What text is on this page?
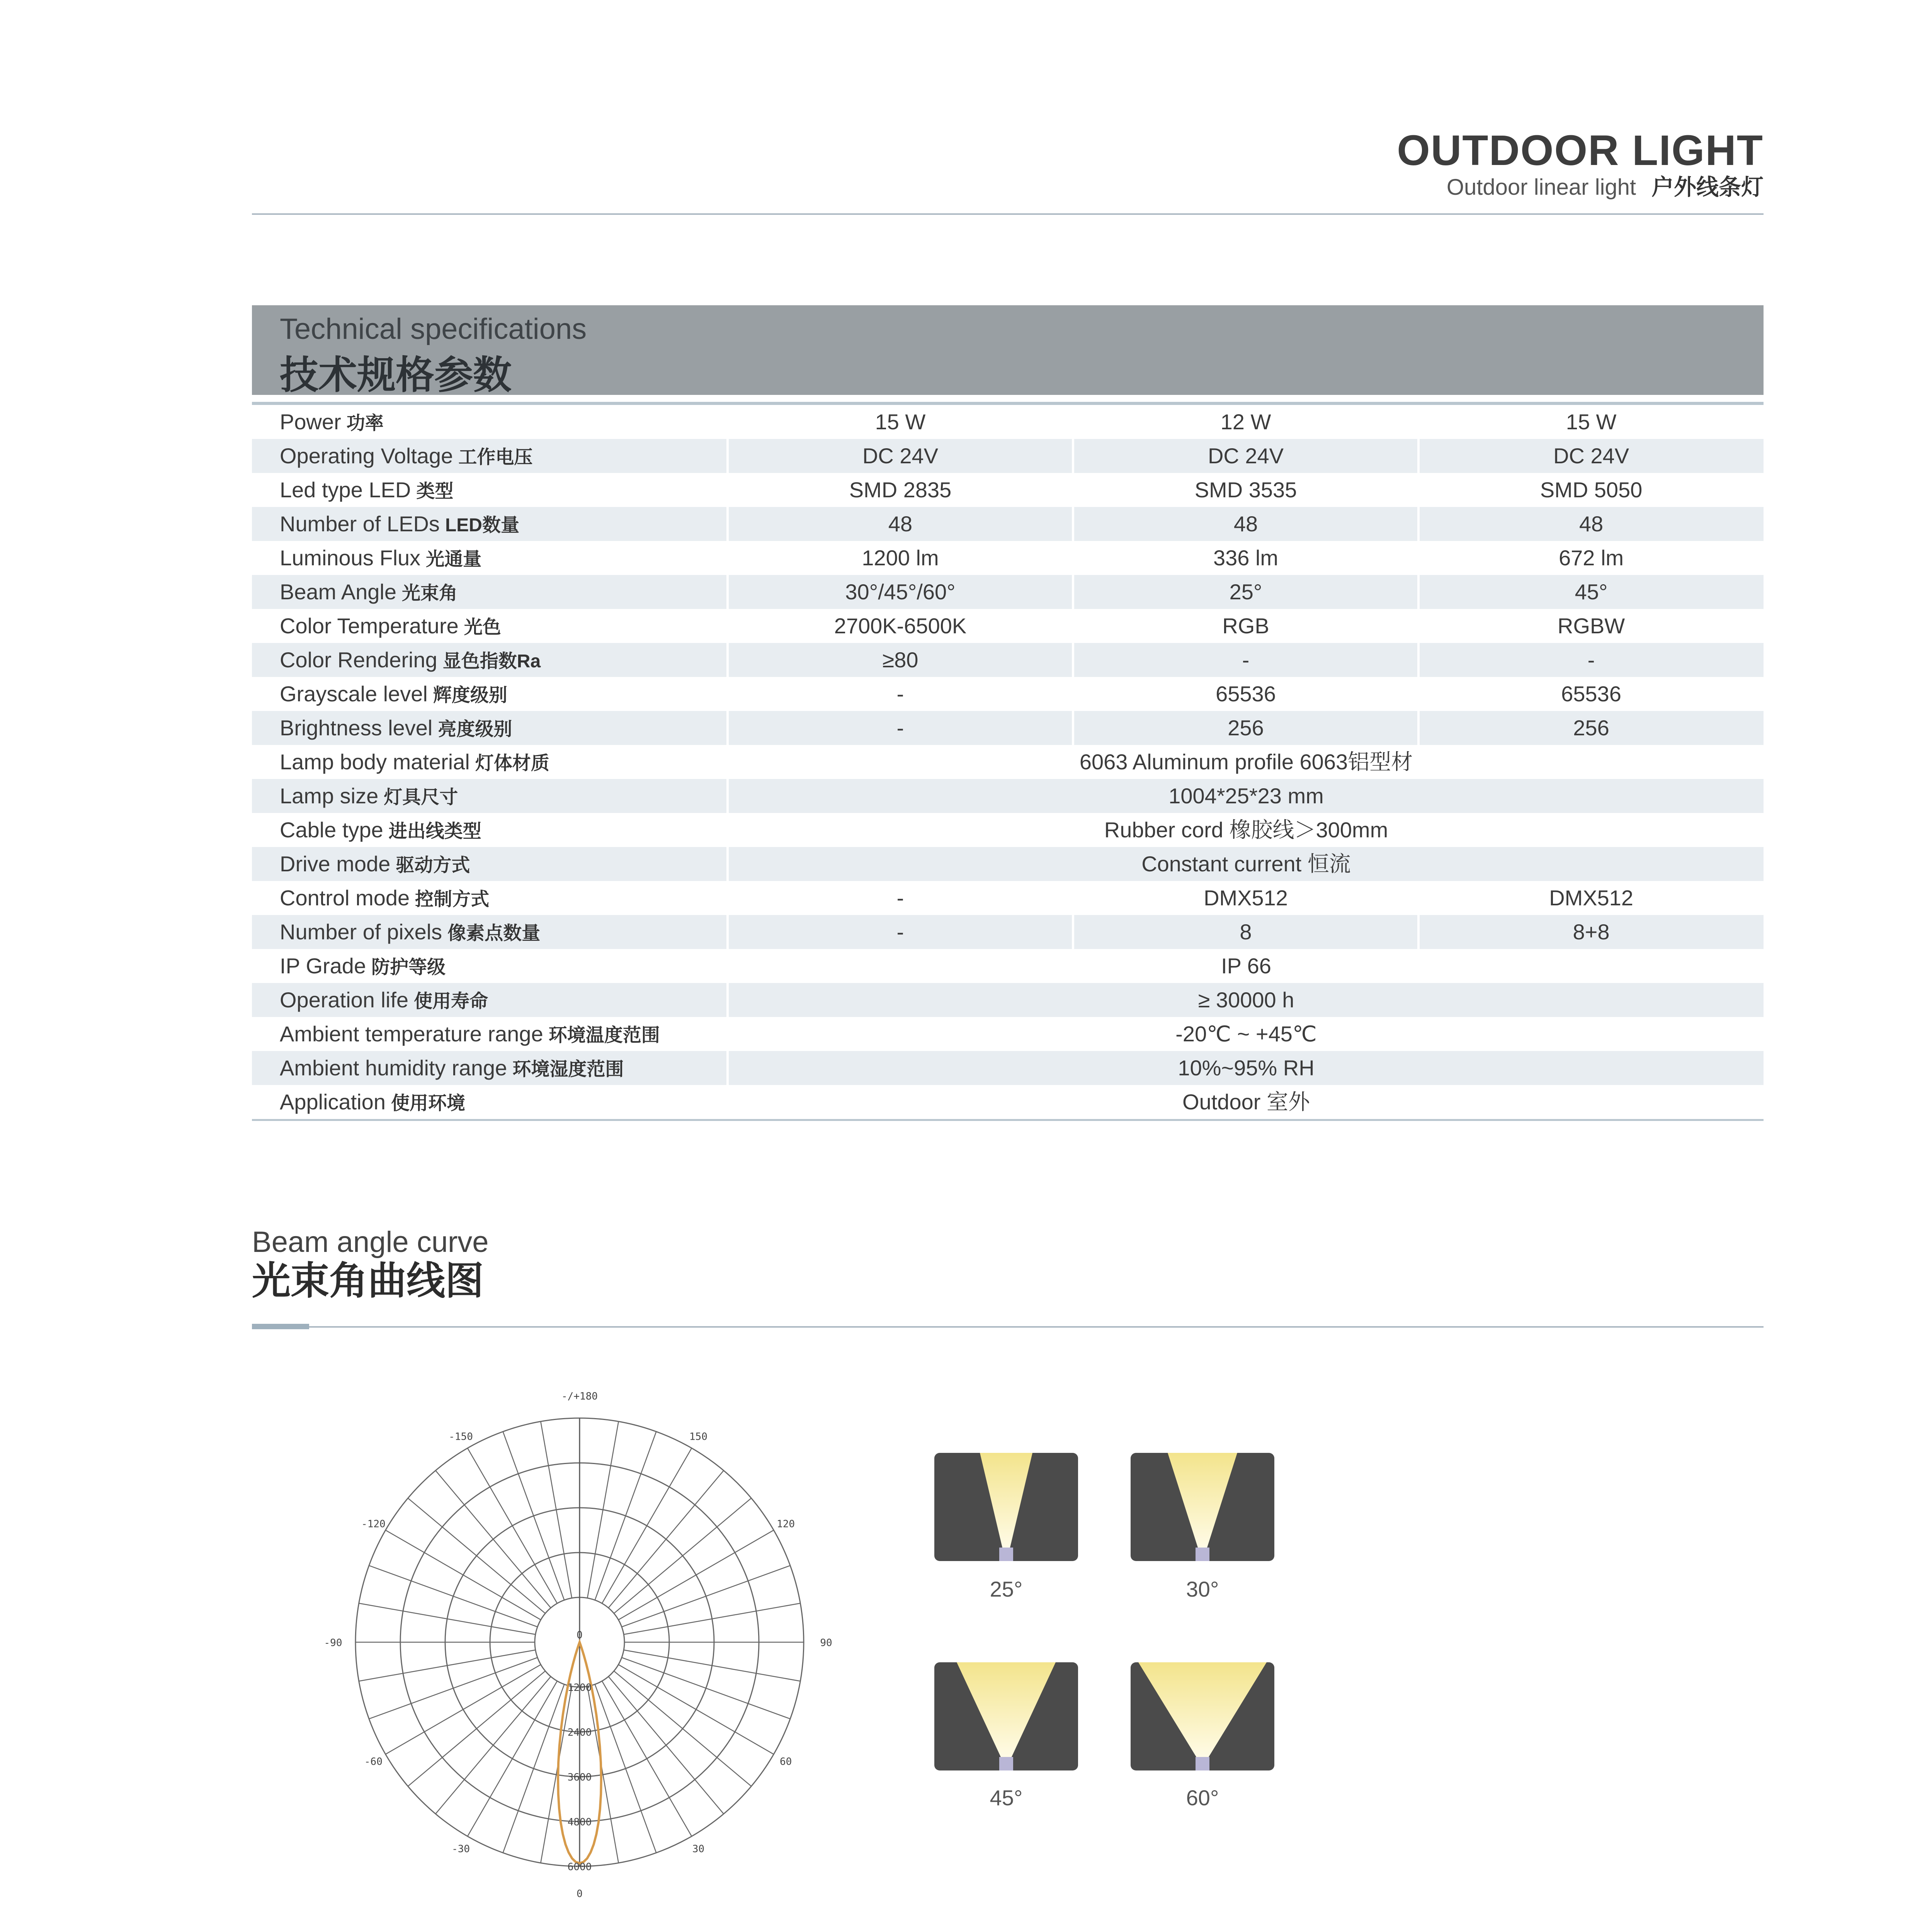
OUTDOOR LIGHT
Outdoor linear light 户外线条灯
Technical specifications
技术规格参数
Power 功率	15 W	12 W	15 W
Operating Voltage 工作电压	DC 24V	DC 24V	DC 24V
Led type LED 类型	SMD 2835	SMD 3535	SMD 5050
Number of LEDs LED数量	48	48	48
Luminous Flux 光通量	1200 lm	336 lm	672 lm
Beam Angle 光束角	30°/45°/60°	25°	45°
Color Temperature 光色	2700K-6500K	RGB	RGBW
Color Rendering 显色指数Ra	≥80	-	-
Grayscale level 辉度级别	-	65536	65536
Brightness level 亮度级别	-	256	256
Lamp body material 灯体材质	6063 Aluminum profile 6063铝型材
Lamp size 灯具尺寸	1004*25*23 mm
Cable type 进出线类型	Rubber cord 橡胶线＞300mm
Drive mode 驱动方式	Constant current 恒流
Control mode 控制方式	-	DMX512	DMX512
Number of pixels 像素点数量	-	8	8+8
IP Grade 防护等级	IP 66
Operation life 使用寿命	≥ 30000 h
Ambient temperature range 环境温度范围	-20℃ ~ +45℃
Ambient humidity range 环境湿度范围	10%~95% RH
Application 使用环境	Outdoor 室外
Beam angle curve
光束角曲线图
-/+180
-150	150
-120	120
-90	90
-60	60
-30	30
0
0
1200
2400
3600
4800
6000
25°	30°
45°	60°
